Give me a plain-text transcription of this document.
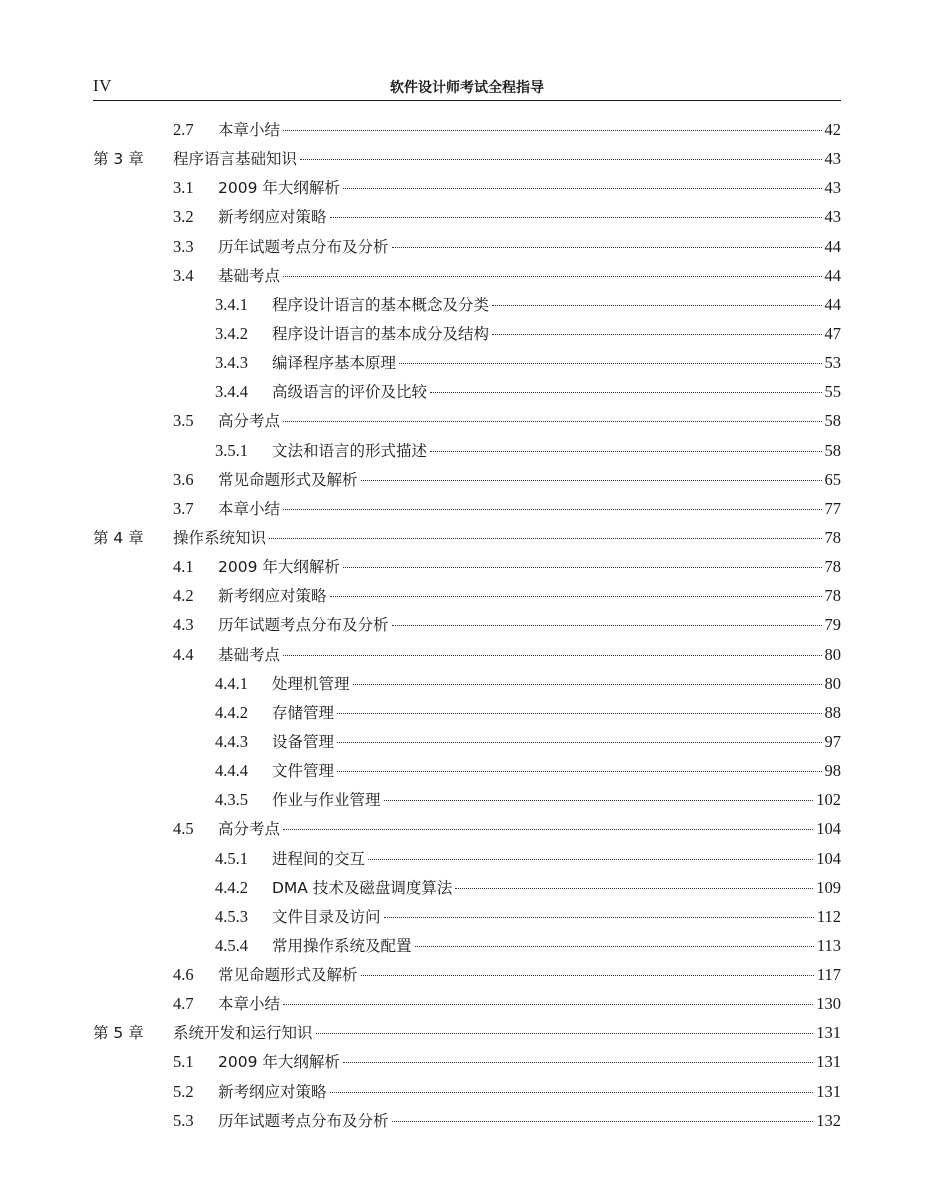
IV	软件设计师考试全程指导
2.7	本章小结	42
第 3 章	程序语言基础知识	43
3.1	2009 年大纲解析	43
3.2	新考纲应对策略	43
3.3	历年试题考点分布及分析	44
3.4	基础考点	44
3.4.1	程序设计语言的基本概念及分类	44
3.4.2	程序设计语言的基本成分及结构	47
3.4.3	编译程序基本原理	53
3.4.4	高级语言的评价及比较	55
3.5	高分考点	58
3.5.1	文法和语言的形式描述	58
3.6	常见命题形式及解析	65
3.7	本章小结	77
第 4 章	操作系统知识	78
4.1	2009 年大纲解析	78
4.2	新考纲应对策略	78
4.3	历年试题考点分布及分析	79
4.4	基础考点	80
4.4.1	处理机管理	80
4.4.2	存储管理	88
4.4.3	设备管理	97
4.4.4	文件管理	98
4.3.5	作业与作业管理	102
4.5	高分考点	104
4.5.1	进程间的交互	104
4.4.2	DMA 技术及磁盘调度算法	109
4.5.3	文件目录及访问	112
4.5.4	常用操作系统及配置	113
4.6	常见命题形式及解析	117
4.7	本章小结	130
第 5 章	系统开发和运行知识	131
5.1	2009 年大纲解析	131
5.2	新考纲应对策略	131
5.3	历年试题考点分布及分析	132
